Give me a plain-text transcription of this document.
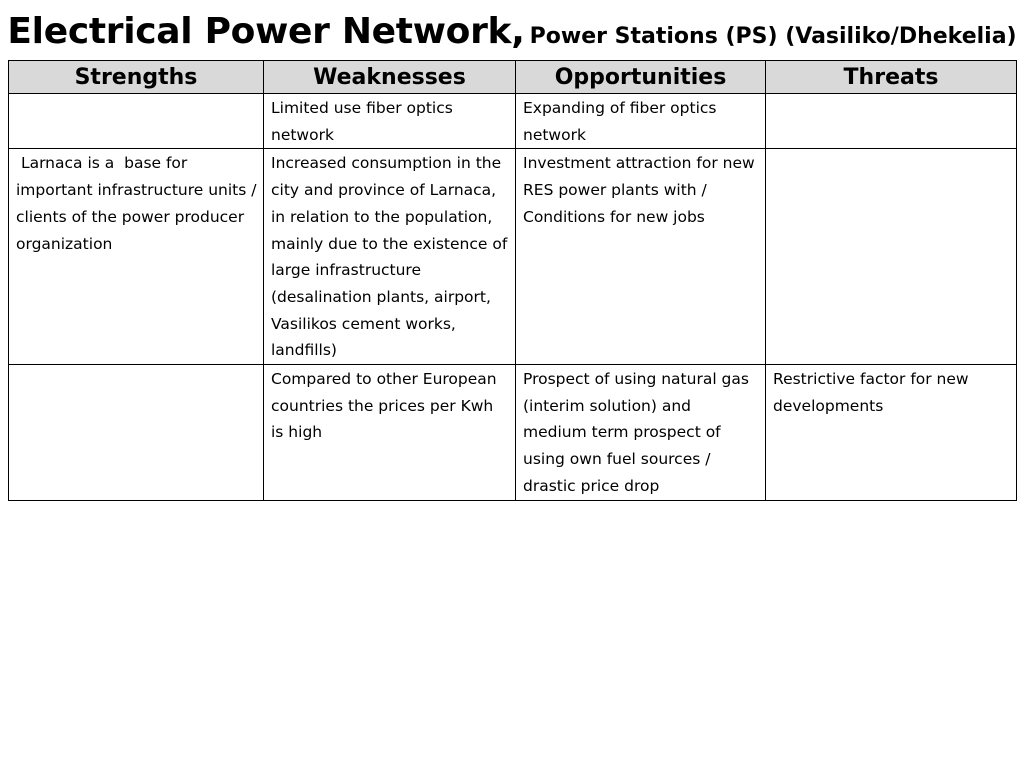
Electrical Power Network, Power Stations (PS) (Vasiliko/Dhekelia)
Strengths	Weaknesses	Opportunities	Threats
	Limited use fiber optics network	Expanding of fiber optics network	
Larnaca is a  base for important infrastructure units / clients of the power producer organization	Increased consumption in the city and province of Larnaca, in relation to the population, mainly due to the existence of large infrastructure (desalination plants, airport, Vasilikos cement works, landfills)	Investment attraction for new RES power plants with / Conditions for new jobs	
	Compared to other European countries the prices per Kwh is high	Prospect of using natural gas (interim solution) and medium term prospect of using own fuel sources / drastic price drop	Restrictive factor for new developments
